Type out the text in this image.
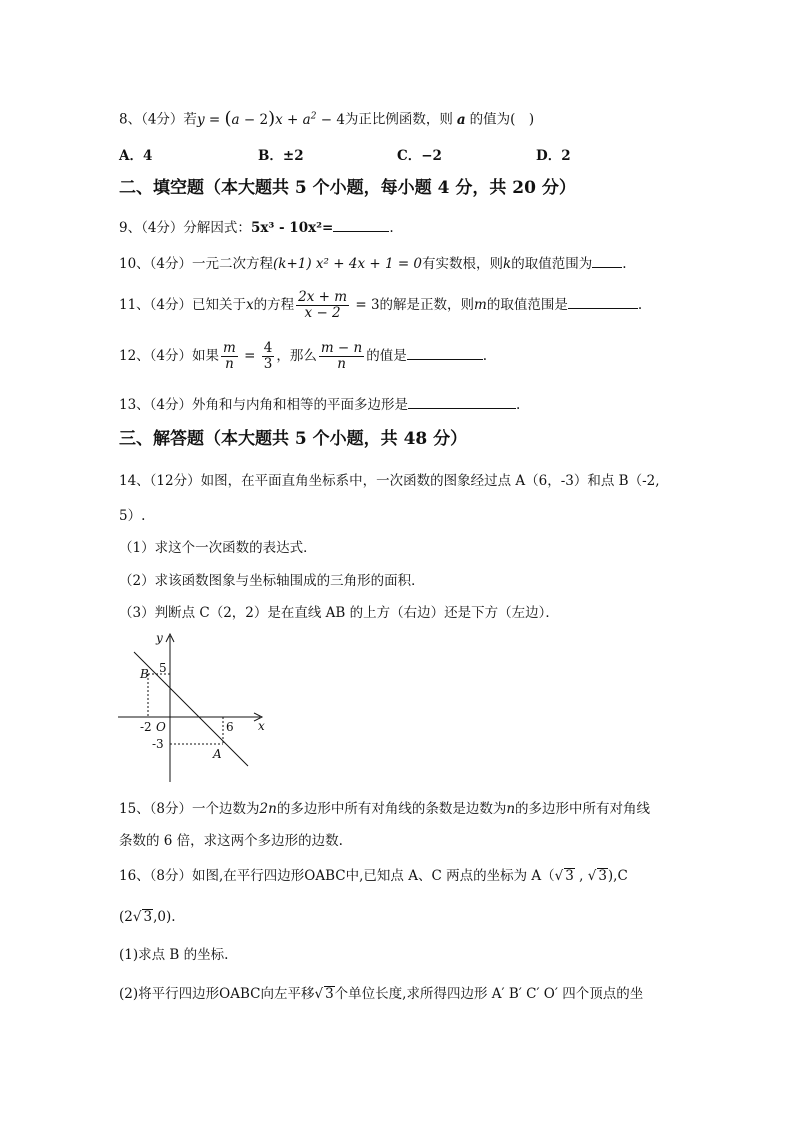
8、（4分）若$y = (a - 2)x + a^2 - 4$为正比例函数，则 a 的值为(　)
A．4	B．±2	C．−2	D．2
二、填空题（本大题共 5 个小题，每小题 4 分，共 20 分）
9、（4分）分解因式：5x³ - 10x²=	.
10、（4分）一元二次方程(k+1) x² + 4x + 1 = 0有实数根，则k的取值范围为 .
11、（4分）已知关于x的方程 $\frac{2x + m}{x - 2} = 3$的解是正数，则m的取值范围是	.
12、（4分）如果 $\frac{m}{n} = \frac{4}{3}$ ，那么 $\frac{m - n}{n}$ 的值是	.
13、（4分）外角和与内角和相等的平面多边形是	.
三、解答题（本大题共 5 个小题，共 48 分）
14、（12分）如图，在平面直角坐标系中，一次函数的图象经过点 A（6，-3）和点 B（-2,
5）.
（1）求这个一次函数的表达式．
（2）求该函数图象与坐标轴围成的三角形的面积．
（3）判断点 C（2，2）是在直线 AB 的上方（右边）还是下方（左边）．
y
x
O
5
-2	6
-3
A
B
15、（8分）一个边数为2n的多边形中所有对角线的条数是边数为n的多边形中所有对角线
条数的 6 倍，求这两个多边形的边数.
16、（8分）如图,在平行四边形OABC中,已知点 A、C 两点的坐标为 A（√ 3 , √ 3),C
(2√ 3,0).
(1)求点 B 的坐标.
(2)将平行四边形OABC向左平移√ 3个单位长度,求所得四边形 A′ B′ C′ O′ 四个顶点的坐
